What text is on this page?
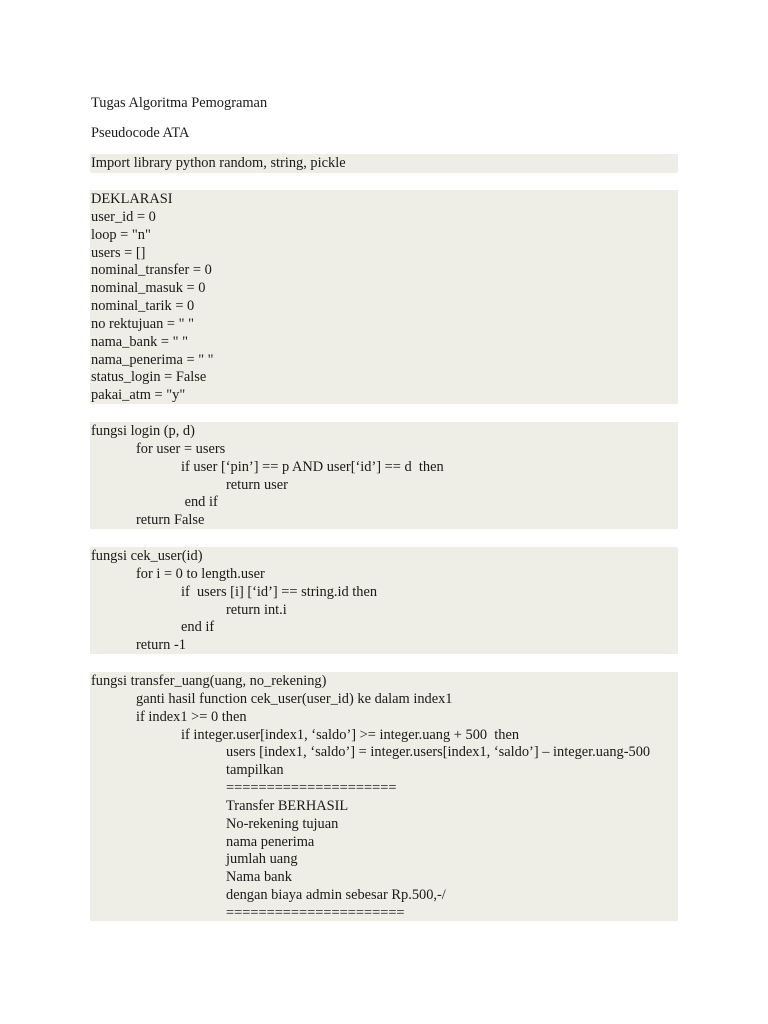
Tugas Algoritma Pemograman

Pseudocode ATA

Import library python random, string, pickle
DEKLARASI
user_id = 0
loop = "n"
users = []
nominal_transfer = 0
nominal_masuk = 0
nominal_tarik = 0
no rektujuan = " "
nama_bank = " "
nama_penerima = " "
status_login = False
pakai_atm = "y"
fungsi login (p, d)
for user = users
if user [‘pin’] == p AND user[‘id’] == d  then
return user
end if
return False
fungsi cek_user(id)
for i = 0 to length.user
if  users [i] [‘id’] == string.id then
return int.i
end if
return -1
fungsi transfer_uang(uang, no_rekening)
ganti hasil function cek_user(user_id) ke dalam index1
if index1 >= 0 then
if integer.user[index1, ‘saldo’] >= integer.uang + 500  then
users [index1, ‘saldo’] = integer.users[index1, ‘saldo’] – integer.uang-500
tampilkan
=====================
Transfer BERHASIL
No-rekening tujuan
nama penerima
jumlah uang
Nama bank
dengan biaya admin sebesar Rp.500,-/
======================
